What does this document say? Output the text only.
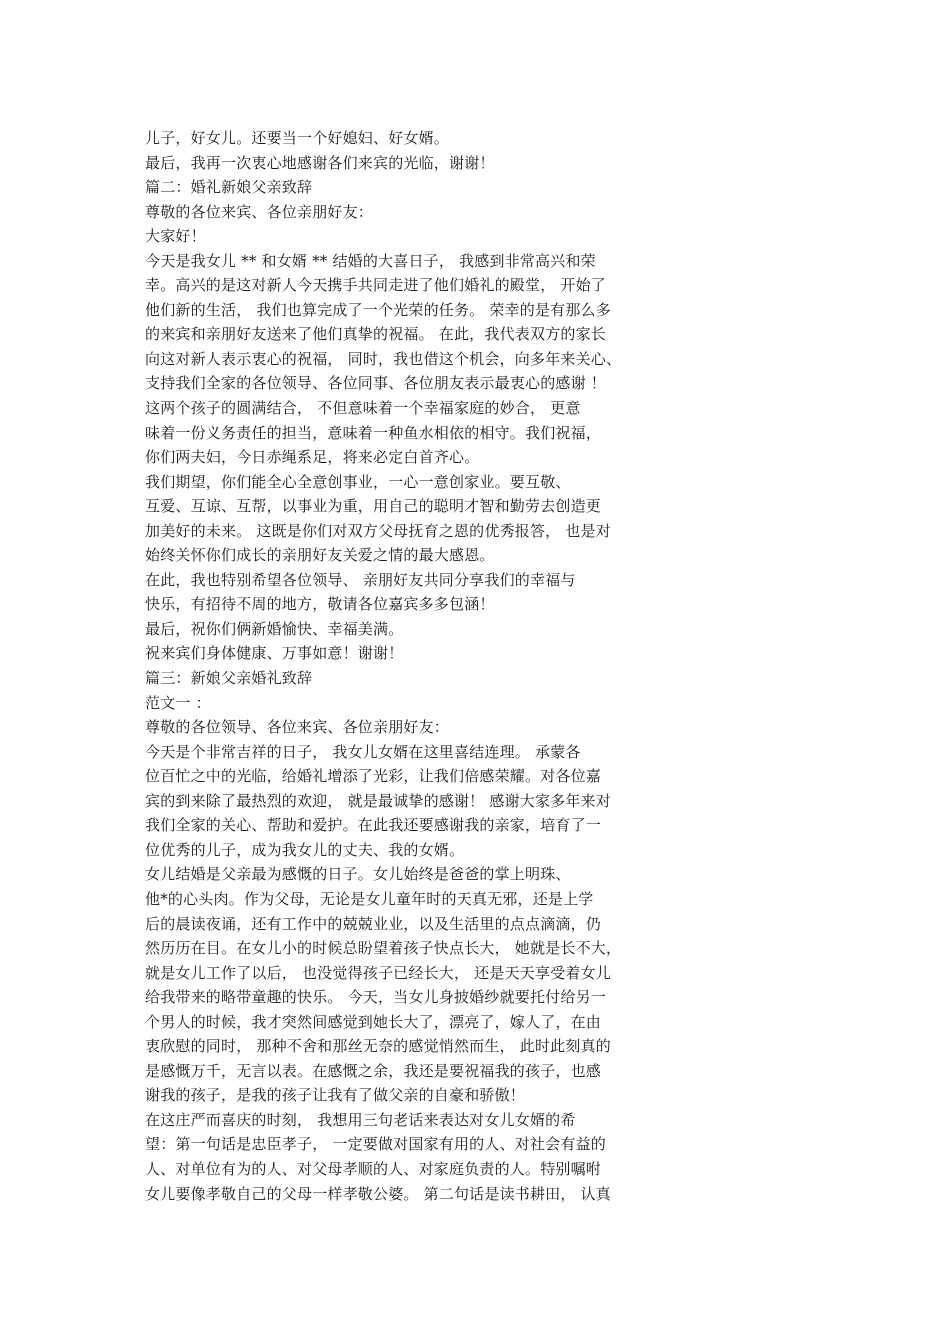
儿子，好女儿。还要当一个好媳妇、好女婿。
最后，我再一次衷心地感谢各们来宾的光临，谢谢！
篇二：婚礼新娘父亲致辞
尊敬的各位来宾、各位亲朋好友：
大家好！
今天是我女儿 ** 和女婿 ** 结婚的大喜日子， 我感到非常高兴和荣
幸。高兴的是这对新人今天携手共同走进了他们婚礼的殿堂， 开始了
他们新的生活， 我们也算完成了一个光荣的任务。 荣幸的是有那么多
的来宾和亲朋好友送来了他们真挚的祝福。 在此，我代表双方的家长
向这对新人表示衷心的祝福， 同时，我也借这个机会，向多年来关心、
支持我们全家的各位领导、各位同事、各位朋友表示最衷心的感谢 ！
这两个孩子的圆满结合， 不但意味着一个幸福家庭的妙合， 更意
味着一份义务责任的担当，意味着一种鱼水相依的相守。我们祝福，
你们两夫妇，今日赤绳系足，将来必定白首齐心。
我们期望，你们能全心全意创事业，一心一意创家业。要互敬、
互爱、互谅、互帮，以事业为重，用自己的聪明才智和勤劳去创造更
加美好的未来。 这既是你们对双方父母抚育之恩的优秀报答， 也是对
始终关怀你们成长的亲朋好友关爱之情的最大感恩。
在此，我也特别希望各位领导、 亲朋好友共同分享我们的幸福与
快乐，有招待不周的地方，敬请各位嘉宾多多包涵！
最后，祝你们俩新婚愉快、幸福美满。
祝来宾们身体健康、万事如意！谢谢！
篇三：新娘父亲婚礼致辞
范文一 ：
尊敬的各位领导、各位来宾、各位亲朋好友：
今天是个非常吉祥的日子， 我女儿女婿在这里喜结连理。 承蒙各
位百忙之中的光临，给婚礼增添了光彩，让我们倍感荣耀。对各位嘉
宾的到来除了最热烈的欢迎， 就是最诚挚的感谢！ 感谢大家多年来对
我们全家的关心、帮助和爱护。在此我还要感谢我的亲家，培育了一
位优秀的儿子，成为我女儿的丈夫、我的女婿。
女儿结婚是父亲最为感慨的日子。女儿始终是爸爸的掌上明珠、
他*的心头肉。作为父母，无论是女儿童年时的天真无邪，还是上学
后的晨读夜诵，还有工作中的兢兢业业，以及生活里的点点滴滴，仍
然历历在目。在女儿小的时候总盼望着孩子快点长大， 她就是长不大，
就是女儿工作了以后， 也没觉得孩子已经长大， 还是天天享受着女儿
给我带来的略带童趣的快乐。 今天，当女儿身披婚纱就要托付给另一
个男人的时候，我才突然间感觉到她长大了，漂亮了，嫁人了，在由
衷欣慰的同时， 那种不舍和那丝无奈的感觉悄然而生， 此时此刻真的
是感慨万千，无言以表。在感慨之余，我还是要祝福我的孩子，也感
谢我的孩子，是我的孩子让我有了做父亲的自豪和骄傲！
在这庄严而喜庆的时刻， 我想用三句老话来表达对女儿女婿的希
望：第一句话是忠臣孝子， 一定要做对国家有用的人、对社会有益的
人、对单位有为的人、对父母孝顺的人、对家庭负责的人。特别嘱咐
女儿要像孝敬自己的父母一样孝敬公婆。 第二句话是读书耕田， 认真
